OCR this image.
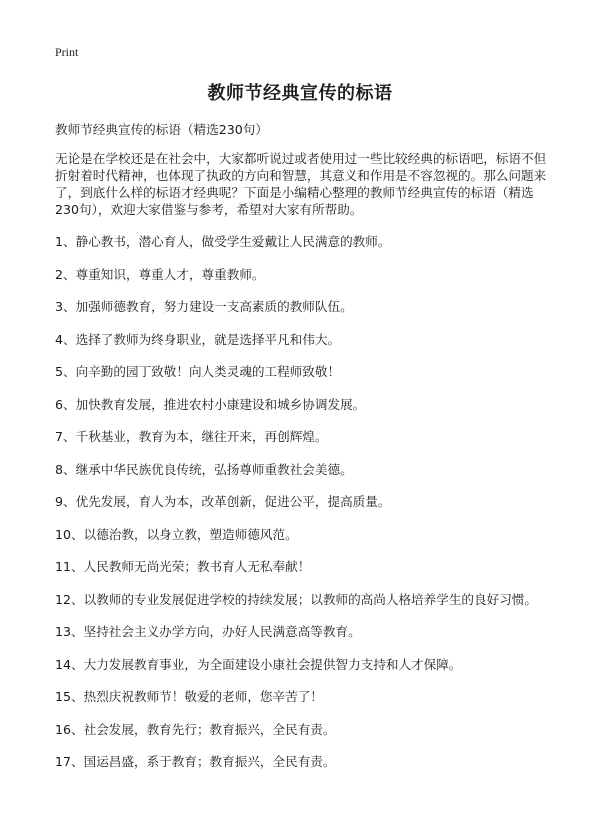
Print
教师节经典宣传的标语

教师节经典宣传的标语（精选230句）

无论是在学校还是在社会中，大家都听说过或者使用过一些比较经典的标语吧，标语不但折射着时代精神，也体现了执政的方向和智慧，其意义和作用是不容忽视的。那么问题来了，到底什么样的标语才经典呢？下面是小编精心整理的教师节经典宣传的标语（精选230句），欢迎大家借鉴与参考，希望对大家有所帮助。

1、静心教书，潜心育人，做受学生爱戴让人民满意的教师。
2、尊重知识，尊重人才，尊重教师。
3、加强师德教育，努力建设一支高素质的教师队伍。
4、选择了教师为终身职业，就是选择平凡和伟大。
5、向辛勤的园丁致敬！向人类灵魂的工程师致敬！
6、加快教育发展，推进农村小康建设和城乡协调发展。
7、千秋基业，教育为本，继往开来，再创辉煌。
8、继承中华民族优良传统，弘扬尊师重教社会美德。
9、优先发展，育人为本，改革创新，促进公平，提高质量。
10、以德治教，以身立教，塑造师德风范。
11、人民教师无尚光荣；教书育人无私奉献！
12、以教师的专业发展促进学校的持续发展；以教师的高尚人格培养学生的良好习惯。
13、坚持社会主义办学方向，办好人民满意高等教育。
14、大力发展教育事业，为全面建设小康社会提供智力支持和人才保障。
15、热烈庆祝教师节！敬爱的老师，您辛苦了！
16、社会发展，教育先行；教育振兴，全民有责。
17、国运昌盛，系于教育；教育振兴，全民有责。
